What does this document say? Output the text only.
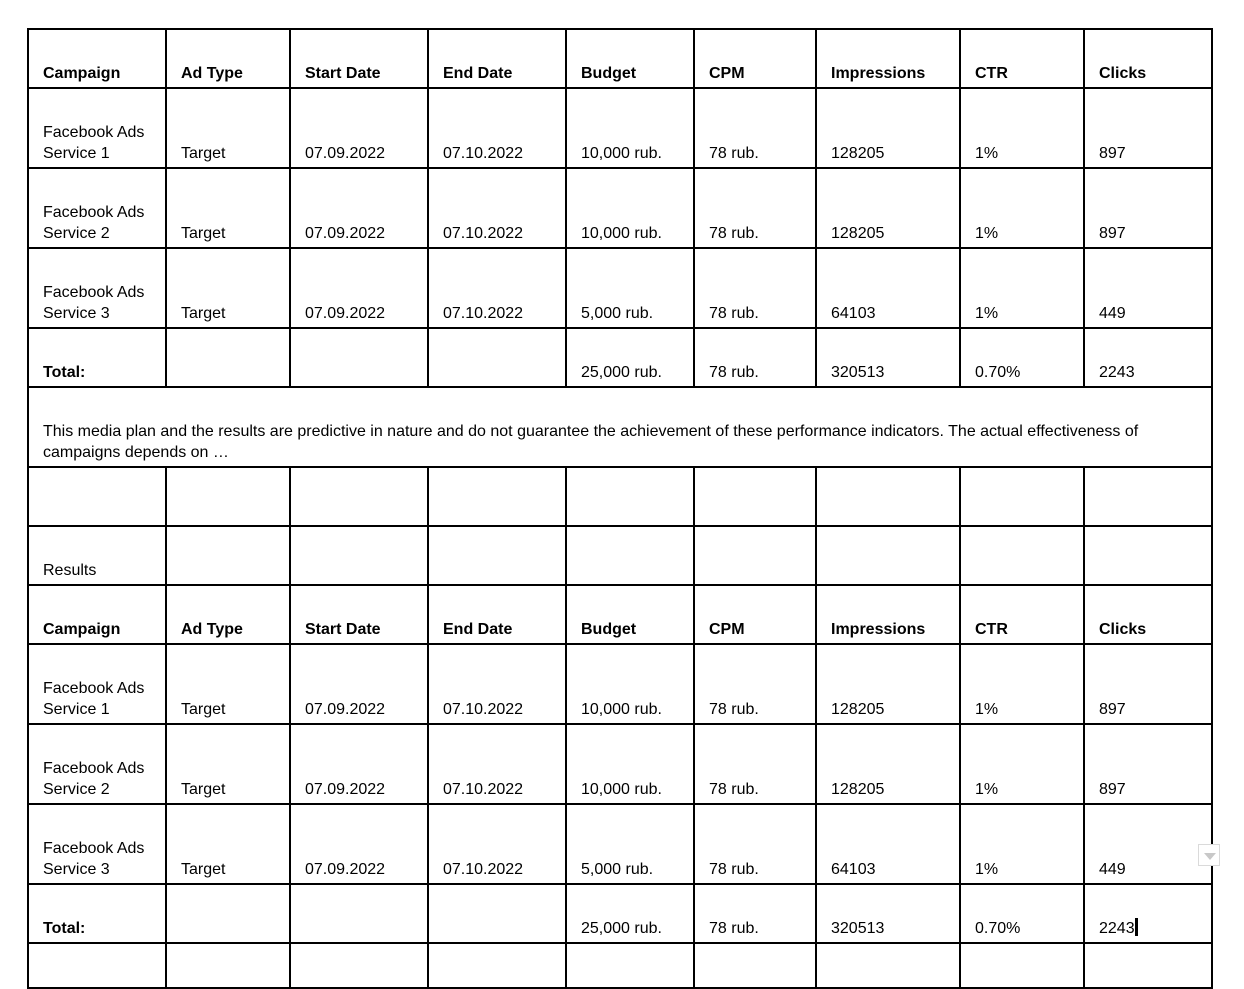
Campaign	Ad Type	Start Date	End Date	Budget	CPM	Impressions	CTR	Clicks
Facebook Ads Service 1	Target	07.09.2022	07.10.2022	10,000 rub.	78 rub.	128205	1%	897
Facebook Ads Service 2	Target	07.09.2022	07.10.2022	10,000 rub.	78 rub.	128205	1%	897
Facebook Ads Service 3	Target	07.09.2022	07.10.2022	5,000 rub.	78 rub.	64103	1%	449
Total:				25,000 rub.	78 rub.	320513	0.70%	2243
This media plan and the results are predictive in nature and do not guarantee the achievement of these performance indicators. The actual effectiveness of campaigns depends on …								

Results								
Campaign	Ad Type	Start Date	End Date	Budget	CPM	Impressions	CTR	Clicks
Facebook Ads Service 1	Target	07.09.2022	07.10.2022	10,000 rub.	78 rub.	128205	1%	897
Facebook Ads Service 2	Target	07.09.2022	07.10.2022	10,000 rub.	78 rub.	128205	1%	897
Facebook Ads Service 3	Target	07.09.2022	07.10.2022	5,000 rub.	78 rub.	64103	1%	449
Total:				25,000 rub.	78 rub.	320513	0.70%	2243
